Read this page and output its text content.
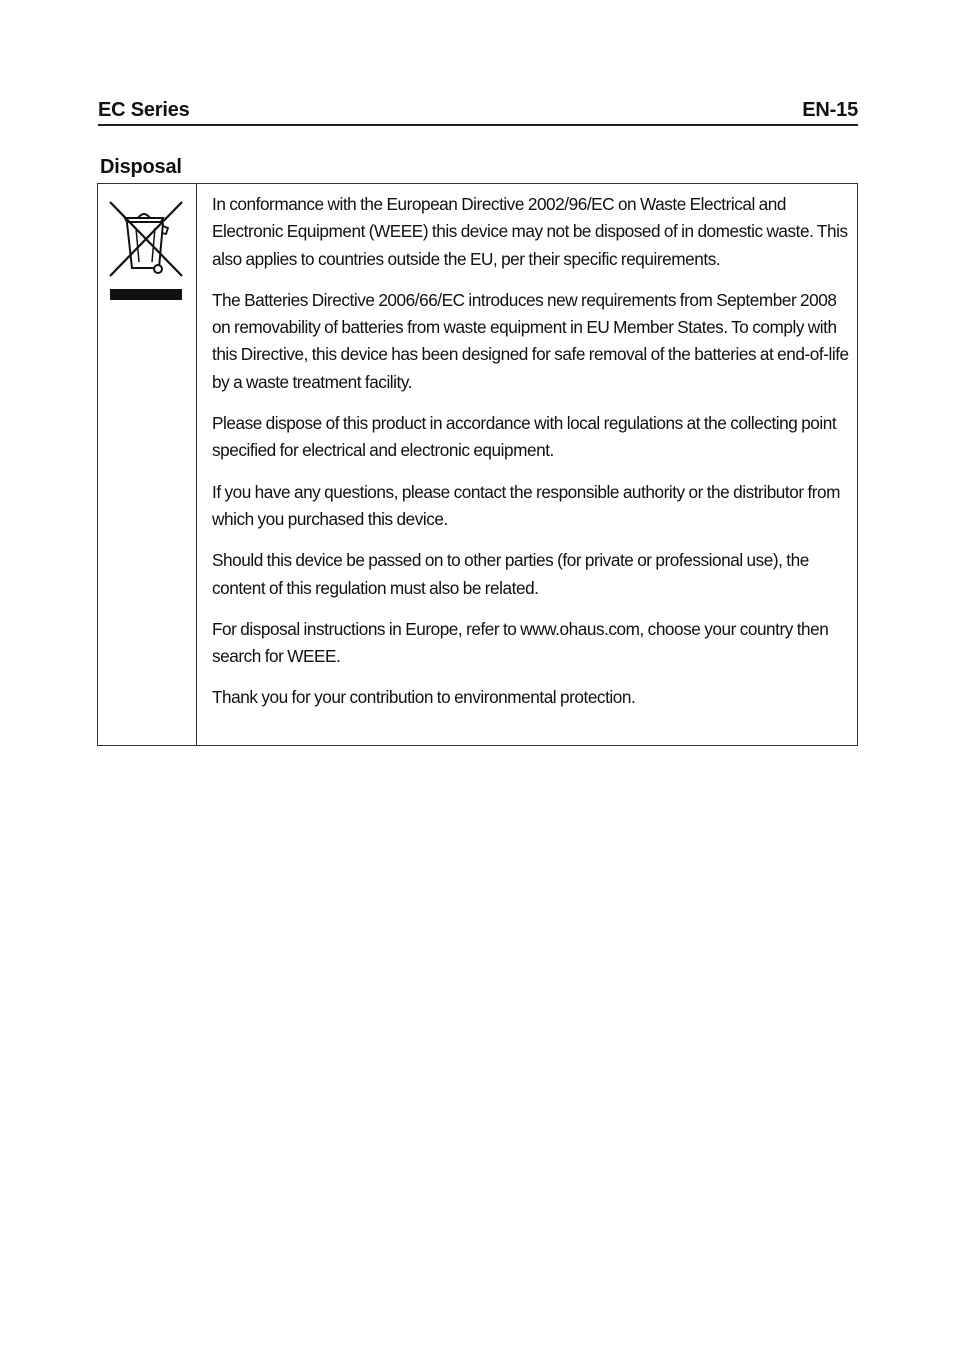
EC Series	EN-15
Disposal

In conformance with the European Directive 2002/96/EC on Waste Electrical and Electronic Equipment (WEEE) this device may not be disposed of in domestic waste. This also applies to countries outside the EU, per their specific requirements.

The Batteries Directive 2006/66/EC introduces new requirements from September 2008 on removability of batteries from waste equipment in EU Member States. To comply with this Directive, this device has been designed for safe removal of the batteries at end-of-life by a waste treatment facility.

Please dispose of this product in accordance with local regulations at the collecting point specified for electrical and electronic equipment.

If you have any questions, please contact the responsible authority or the distributor from which you purchased this device.

Should this device be passed on to other parties (for private or professional use), the content of this regulation must also be related.

For disposal instructions in Europe, refer to www.ohaus.com, choose your country then search for WEEE.

Thank you for your contribution to environmental protection.
